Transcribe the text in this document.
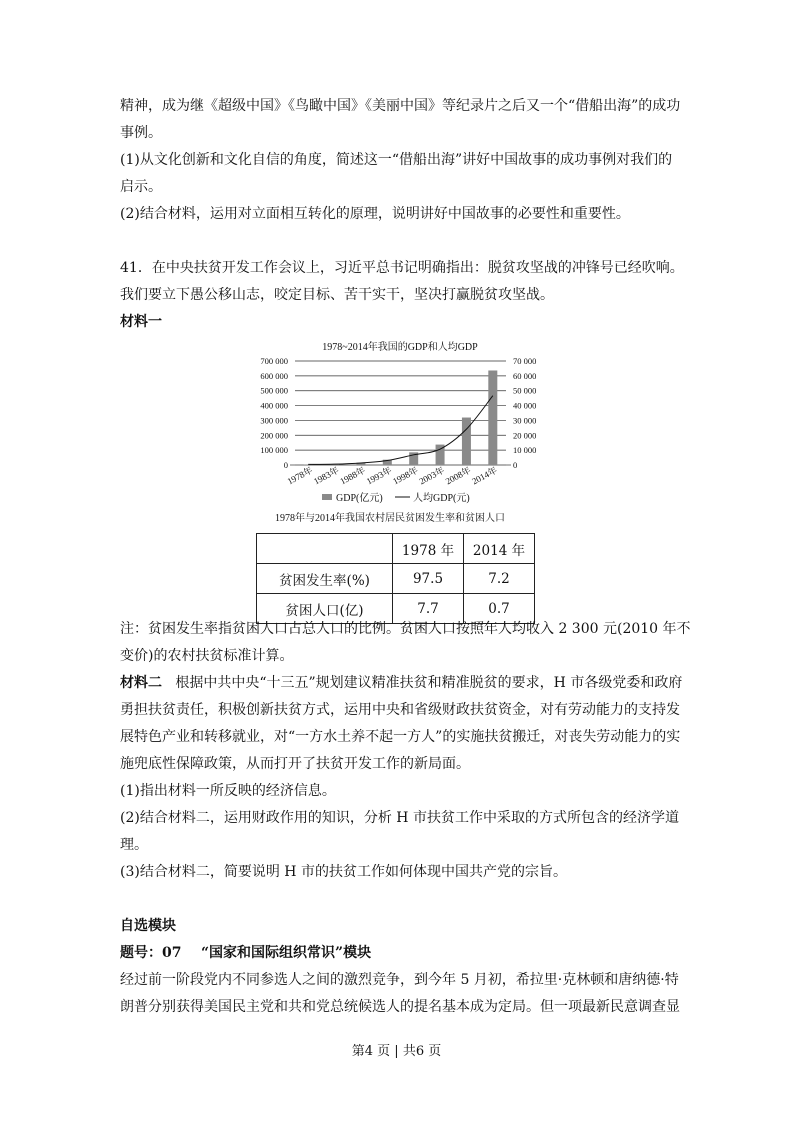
精神，成为继《超级中国》《鸟瞰中国》《美丽中国》等纪录片之后又一个“借船出海”的成功
事例。
(1)从文化创新和文化自信的角度，简述这一“借船出海”讲好中国故事的成功事例对我们的
启示。
(2)结合材料，运用对立面相互转化的原理，说明讲好中国故事的必要性和重要性。
41．在中央扶贫开发工作会议上，习近平总书记明确指出：脱贫攻坚战的冲锋号已经吹响。
我们要立下愚公移山志，咬定目标、苦干实干，坚决打赢脱贫攻坚战。
材料一
1978~2014年我国的GDP和人均GDP
700 000	70 000
600 000	60 000
500 000	50 000
400 000	40 000
300 000	30 000
200 000	20 000
100 000	10 000
0	0
1978年
1983年
1988年
1993年
1998年
2003年
2008年
2014年
GDP(亿元)	人均GDP(元)
1978年与2014年我国农村居民贫困发生率和贫困人口
	1978 年	2014 年
贫困发生率(%)	97.5	7.2
贫困人口(亿)	7.7	0.7
注：贫困发生率指贫困人口占总人口的比例。贫困人口按照年人均收入 2 300 元(2010 年不
变价)的农村扶贫标准计算。
材料二 根据中共中央“十三五”规划建议精准扶贫和精准脱贫的要求，H 市各级党委和政府
勇担扶贫责任，积极创新扶贫方式，运用中央和省级财政扶贫资金，对有劳动能力的支持发
展特色产业和转移就业，对“一方水土养不起一方人”的实施扶贫搬迁，对丧失劳动能力的实
施兜底性保障政策，从而打开了扶贫开发工作的新局面。
(1)指出材料一所反映的经济信息。
(2)结合材料二，运用财政作用的知识，分析 H 市扶贫工作中采取的方式所包含的经济学道
理。
(3)结合材料二，简要说明 H 市的扶贫工作如何体现中国共产党的宗旨。
自选模块
题号：07 “国家和国际组织常识”模块
经过前一阶段党内不同参选人之间的激烈竞争，到今年 5 月初，希拉里·克林顿和唐纳德·特
朗普分别获得美国民主党和共和党总统候选人的提名基本成为定局。但一项最新民意调查显
第4 页 | 共6 页
